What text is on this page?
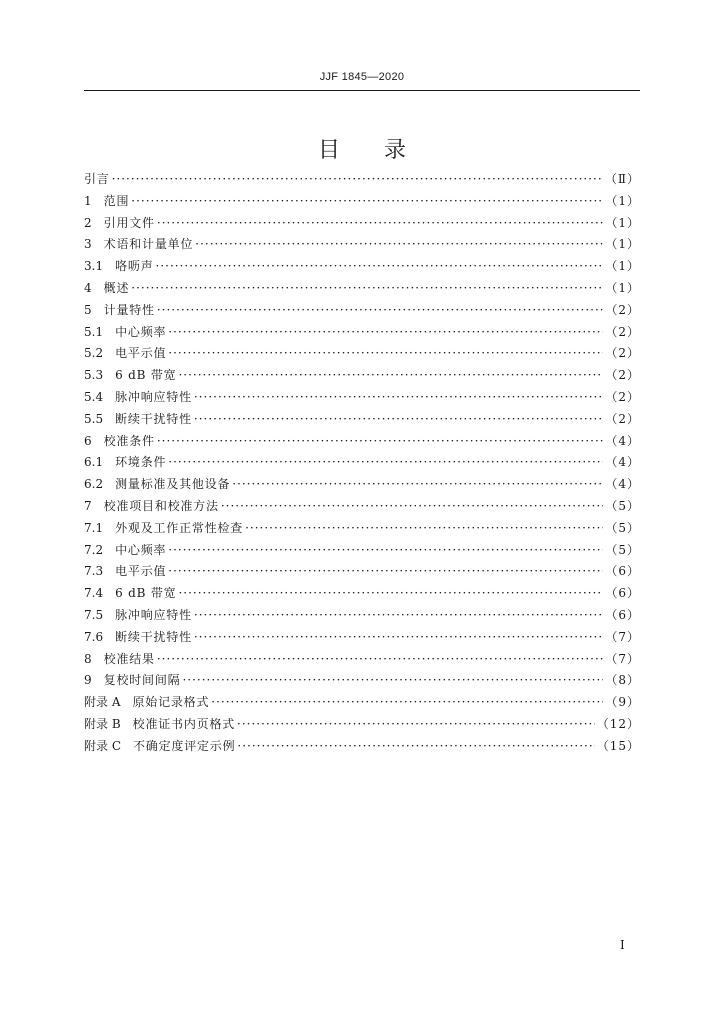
JJF 1845—2020
目录
引言 ·····	（Ⅱ）
1 范围 ·····	（1）
2 引用文件 ·····	（1）
3 术语和计量单位 ·····	（1）
3.1 咯呖声 ·····	（1）
4 概述 ·····	（1）
5 计量特性 ·····	（2）
5.1 中心频率 ·····	（2）
5.2 电平示值 ·····	（2）
5.3 6 dB 带宽 ·····	（2）
5.4 脉冲响应特性 ·····	（2）
5.5 断续干扰特性 ·····	（2）
6 校准条件 ·····	（4）
6.1 环境条件 ·····	（4）
6.2 测量标准及其他设备 ·····	（4）
7 校准项目和校准方法 ·····	（5）
7.1 外观及工作正常性检查 ·····	（5）
7.2 中心频率 ·····	（5）
7.3 电平示值 ·····	（6）
7.4 6 dB 带宽 ·····	（6）
7.5 脉冲响应特性 ·····	（6）
7.6 断续干扰特性 ·····	（7）
8 校准结果 ·····	（7）
9 复校时间间隔 ·····	（8）
附录 A 原始记录格式 ·····	（9）
附录 B 校准证书内页格式 ·····	（12）
附录 C 不确定度评定示例 ·····	（15）
I
